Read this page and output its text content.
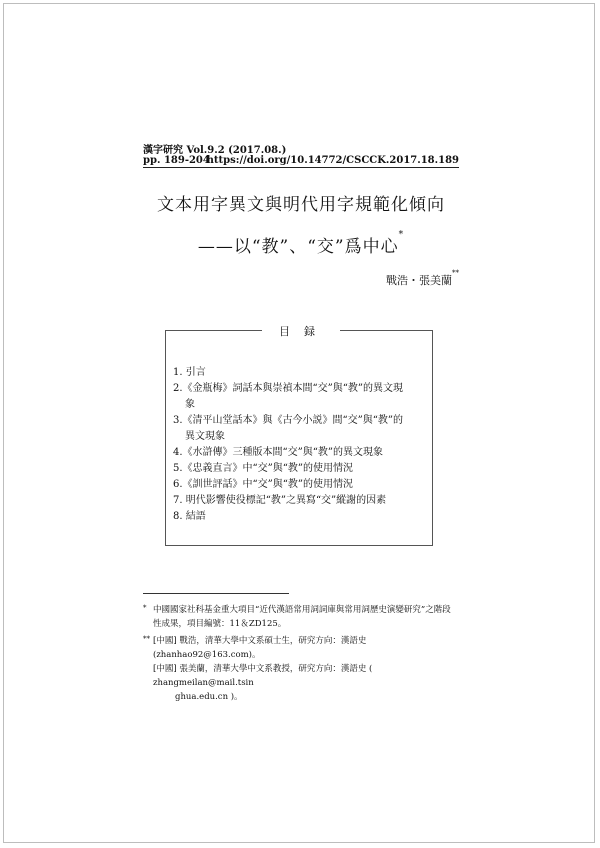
漢字研究 Vol.9.2 (2017.08.)
pp. 189-204
https://doi.org/10.14772/CSCCK.2017.18.189
文本用字異文與明代用字規範化傾向
——以“教”、“交”爲中心*
戰浩・張美蘭**
目録
1. 引言
2.《金瓶梅》詞話本與崇禎本間“交”與“教”的異文現
象
3.《清平山堂話本》與《古今小説》間“交”與“教”的
異文現象
4.《水滸傳》三種版本間“交”與“教”的異文現象
5.《忠義直言》中“交”與“教”的使用情況
6.《訓世評話》中“交”與“教”的使用情況
7. 明代影響使役標記“教”之異寫“交”縱謝的因素
8. 結語
* 中國國家社科基金重大項目“近代漢語常用詞詞庫與常用詞歷史演變研究”之階段
性成果，項目編號：11＆ZD125。
** [中國] 戰浩，清華大學中文系碩士生，研究方向：漢語史(zhanhao92@163.com)。
[中國] 張美蘭，清華大學中文系教授，研究方向：漢語史 ( zhangmeilan@mail.tsin
ghua.edu.cn )。
